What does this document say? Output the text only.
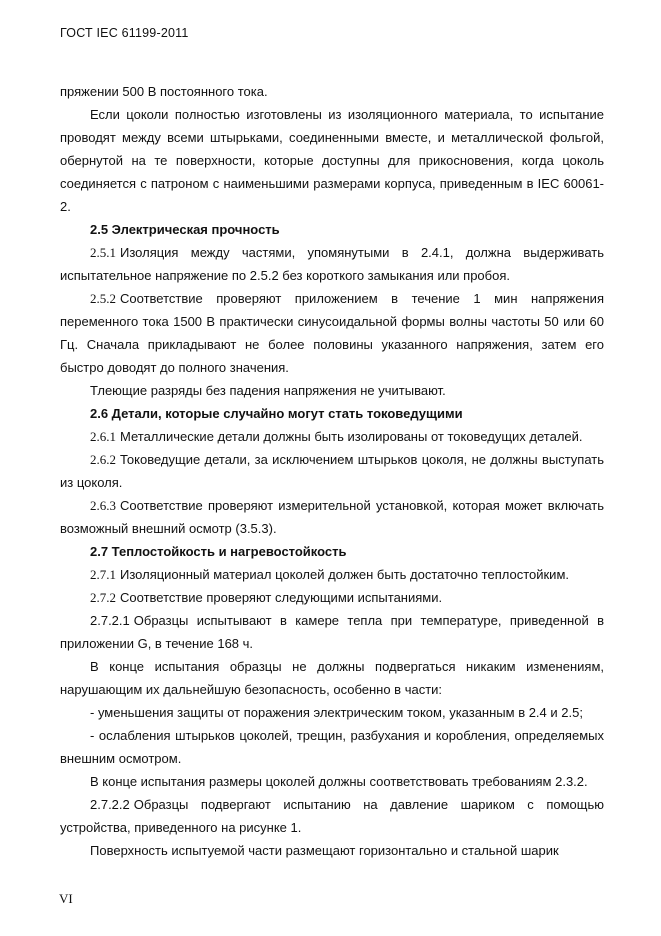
ГОСТ IEC 61199-2011

пряжении 500 В постоянного тока.

Если цоколи полностью изготовлены из изоляционного материала, то испытание проводят между всеми штырьками, соединенными вместе, и металлической фольгой, обернутой на те поверхности, которые доступны для прикосновения, когда цоколь соединяется с патроном с наименьшими размерами корпуса, приведенным в IEC 60061-2.

2.5 Электрическая прочность

2.5.1 Изоляция между частями, упомянутыми в 2.4.1, должна выдерживать испытательное напряжение по 2.5.2 без короткого замыкания или пробоя.

2.5.2 Соответствие проверяют приложением в течение 1 мин напряжения переменного тока 1500 В практически синусоидальной формы волны частоты 50 или 60 Гц. Сначала прикладывают не более половины указанного напряжения, затем его быстро доводят до полного значения.

Тлеющие разряды без падения напряжения не учитывают.

2.6 Детали, которые случайно могут стать токоведущими

2.6.1 Металлические детали должны быть изолированы от токоведущих деталей.

2.6.2 Токоведущие детали, за исключением штырьков цоколя, не должны выступать из цоколя.

2.6.3 Соответствие проверяют измерительной установкой, которая может включать возможный внешний осмотр (3.5.3).

2.7 Теплостойкость и нагревостойкость

2.7.1 Изоляционный материал цоколей должен быть достаточно теплостойким.

2.7.2 Соответствие проверяют следующими испытаниями.

2.7.2.1 Образцы испытывают в камере тепла при температуре, приведенной в приложении G, в течение 168 ч.

В конце испытания образцы не должны подвергаться никаким изменениям, нарушающим их дальнейшую безопасность, особенно в части:

- уменьшения защиты от поражения электрическим током, указанным в 2.4 и 2.5;

- ослабления штырьков цоколей, трещин, разбухания и коробления, определяемых внешним осмотром.

В конце испытания размеры цоколей должны соответствовать требованиям 2.3.2.

2.7.2.2 Образцы подвергают испытанию на давление шариком с помощью устройства, приведенного на рисунке 1.

Поверхность испытуемой части размещают горизонтально и стальной шарик

VI
